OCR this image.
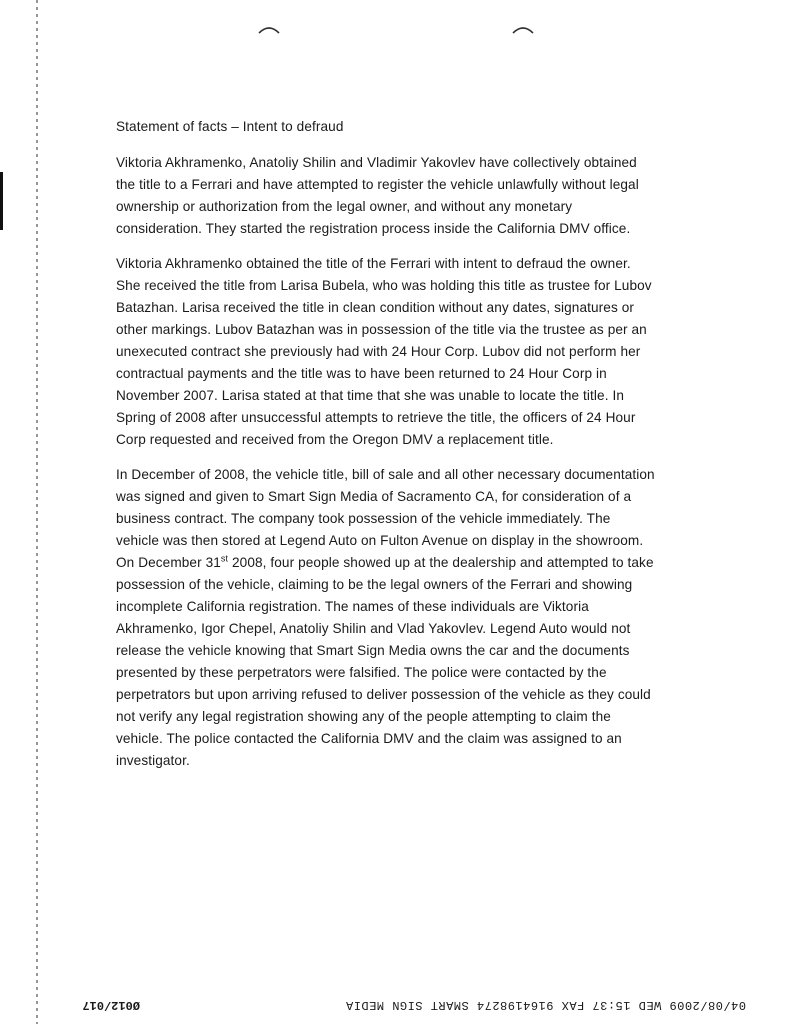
Statement of facts – Intent to defraud

Viktoria Akhramenko, Anatoliy Shilin and Vladimir Yakovlev have collectively obtained the title to a Ferrari and have attempted to register the vehicle unlawfully without legal ownership or authorization from the legal owner, and without any monetary consideration. They started the registration process inside the California DMV office.

Viktoria Akhramenko obtained the title of the Ferrari with intent to defraud the owner. She received the title from Larisa Bubela, who was holding this title as trustee for Lubov Batazhan. Larisa received the title in clean condition without any dates, signatures or other markings. Lubov Batazhan was in possession of the title via the trustee as per an unexecuted contract she previously had with 24 Hour Corp. Lubov did not perform her contractual payments and the title was to have been returned to 24 Hour Corp in November 2007. Larisa stated at that time that she was unable to locate the title. In Spring of 2008 after unsuccessful attempts to retrieve the title, the officers of 24 Hour Corp requested and received from the Oregon DMV a replacement title.

In December of 2008, the vehicle title, bill of sale and all other necessary documentation was signed and given to Smart Sign Media of Sacramento CA, for consideration of a business contract. The company took possession of the vehicle immediately. The vehicle was then stored at Legend Auto on Fulton Avenue on display in the showroom. On December 31st 2008, four people showed up at the dealership and attempted to take possession of the vehicle, claiming to be the legal owners of the Ferrari and showing incomplete California registration. The names of these individuals are Viktoria Akhramenko, Igor Chepel, Anatoliy Shilin and Vlad Yakovlev. Legend Auto would not release the vehicle knowing that Smart Sign Media owns the car and the documents presented by these perpetrators were falsified. The police were contacted by the perpetrators but upon arriving refused to deliver possession of the vehicle as they could not verify any legal registration showing any of the people attempting to claim the vehicle. The police contacted the California DMV and the claim was assigned to an investigator.

Ø012/017	04/08/2009 WED 15:37 FAX 9164198274 SMART SIGN MEDIA
